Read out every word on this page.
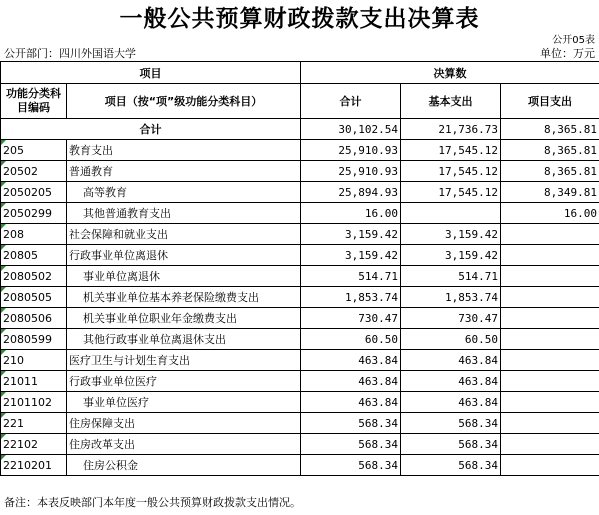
一般公共预算财政拨款支出决算表
公开05表
公开部门：四川外国语大学	单位：万元
项目		决算数		
功能分类科目编码	项目（按“项”级功能分类科目）	合计	基本支出	项目支出
合计		30,102.54	21,736.73	8,365.81
205	教育支出	25,910.93	17,545.12	8,365.81
20502	普通教育	25,910.93	17,545.12	8,365.81
2050205	高等教育	25,894.93	17,545.12	8,349.81
2050299	其他普通教育支出	16.00		16.00
208	社会保障和就业支出	3,159.42	3,159.42	
20805	行政事业单位离退休	3,159.42	3,159.42	
2080502	事业单位离退休	514.71	514.71	
2080505	机关事业单位基本养老保险缴费支出	1,853.74	1,853.74	
2080506	机关事业单位职业年金缴费支出	730.47	730.47	
2080599	其他行政事业单位离退休支出	60.50	60.50	
210	医疗卫生与计划生育支出	463.84	463.84	
21011	行政事业单位医疗	463.84	463.84	
2101102	事业单位医疗	463.84	463.84	
221	住房保障支出	568.34	568.34	
22102	住房改革支出	568.34	568.34	
2210201	住房公积金	568.34	568.34	
备注：本表反映部门本年度一般公共预算财政拨款支出情况。
